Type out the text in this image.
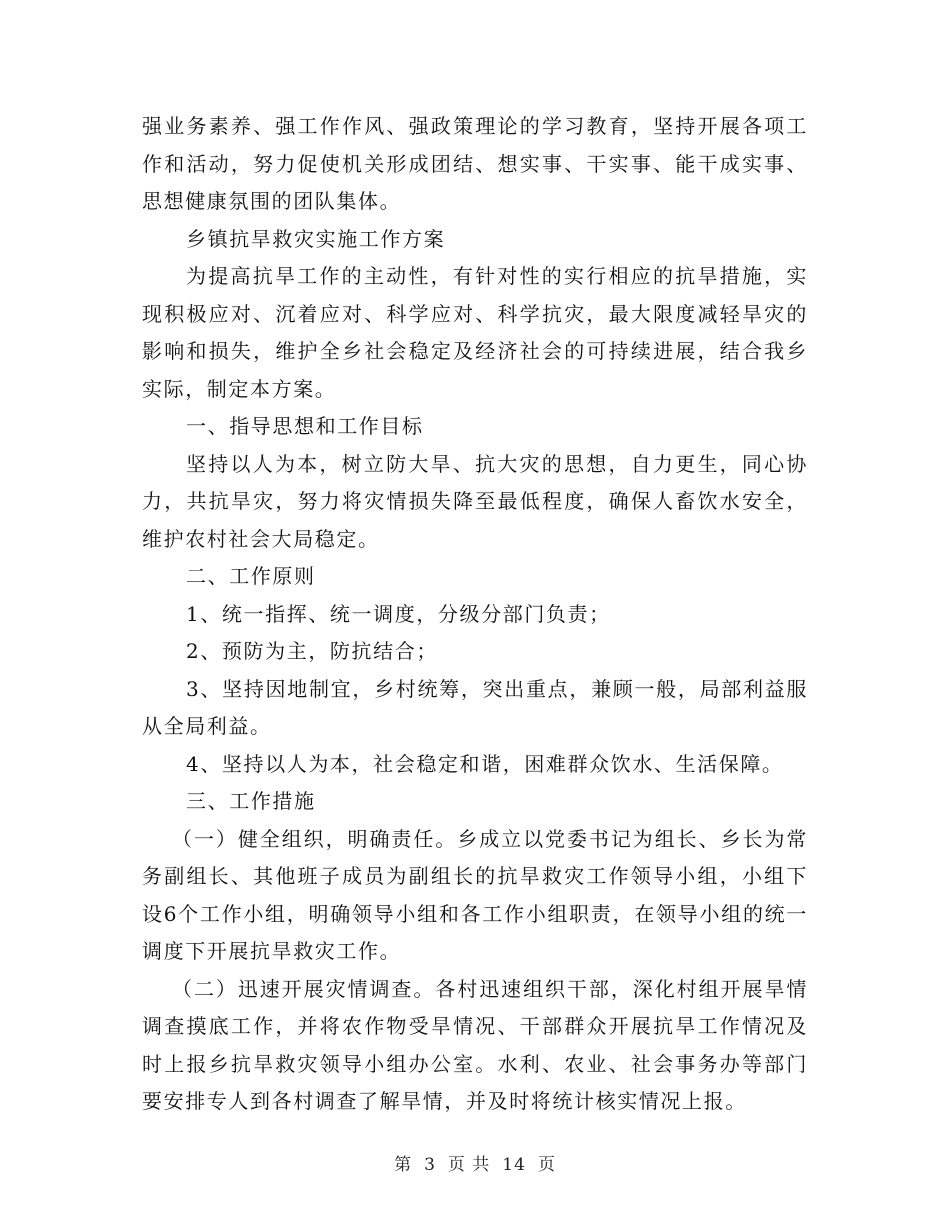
强业务素养、强工作作风、强政策理论的学习教育，坚持开展各项工作和活动，努力促使机关形成团结、想实事、干实事、能干成实事、思想健康氛围的团队集体。

乡镇抗旱救灾实施工作方案

为提高抗旱工作的主动性，有针对性的实行相应的抗旱措施，实现积极应对、沉着应对、科学应对、科学抗灾，最大限度减轻旱灾的影响和损失，维护全乡社会稳定及经济社会的可持续进展，结合我乡实际，制定本方案。

一、指导思想和工作目标

坚持以人为本，树立防大旱、抗大灾的思想，自力更生，同心协力，共抗旱灾，努力将灾情损失降至最低程度，确保人畜饮水安全，维护农村社会大局稳定。

二、工作原则

1、统一指挥、统一调度，分级分部门负责；

2、预防为主，防抗结合；

3、坚持因地制宜，乡村统筹，突出重点，兼顾一般，局部利益服从全局利益。

4、坚持以人为本，社会稳定和谐，困难群众饮水、生活保障。

三、工作措施

（一）健全组织，明确责任。乡成立以党委书记为组长、乡长为常务副组长、其他班子成员为副组长的抗旱救灾工作领导小组，小组下设6个工作小组，明确领导小组和各工作小组职责，在领导小组的统一调度下开展抗旱救灾工作。

（二）迅速开展灾情调查。各村迅速组织干部，深化村组开展旱情调查摸底工作，并将农作物受旱情况、干部群众开展抗旱工作情况及时上报乡抗旱救灾领导小组办公室。水利、农业、社会事务办等部门要安排专人到各村调查了解旱情，并及时将统计核实情况上报。

第 3 页 共 14 页
